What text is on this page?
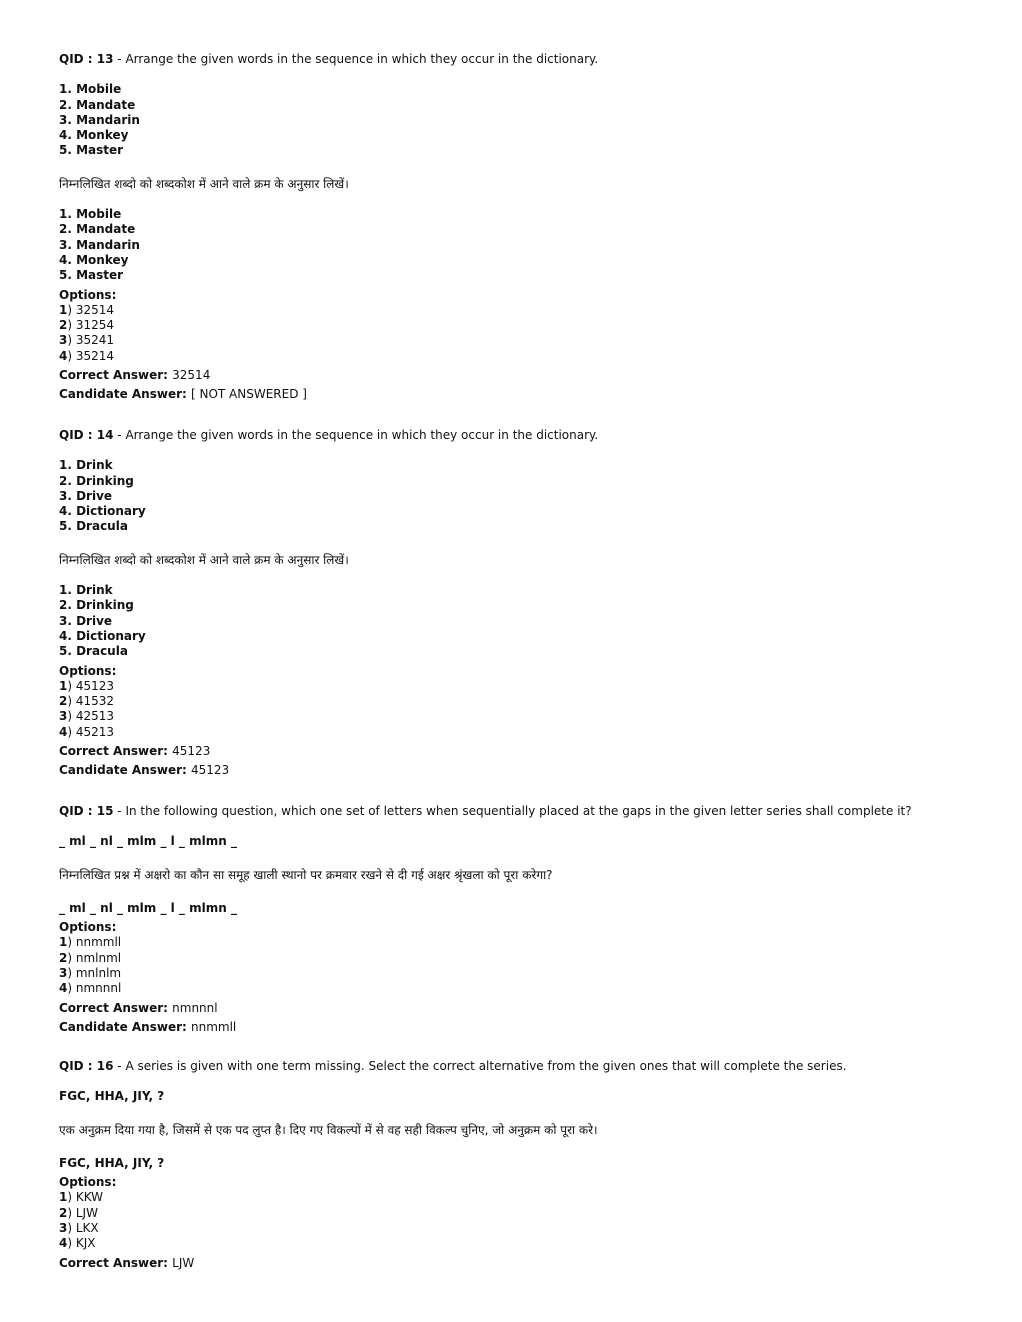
QID : 13 - Arrange the given words in the sequence in which they occur in the dictionary.
1. Mobile
2. Mandate
3. Mandarin
4. Monkey
5. Master
निम्नलिखित शब्दो को शब्दकोश में आने वाले क्रम के अनुसार लिखें।
1. Mobile
2. Mandate
3. Mandarin
4. Monkey
5. Master
Options:
1) 32514
2) 31254
3) 35241
4) 35214
Correct Answer: 32514
Candidate Answer: [ NOT ANSWERED ]
QID : 14 - Arrange the given words in the sequence in which they occur in the dictionary.
1. Drink
2. Drinking
3. Drive
4. Dictionary
5. Dracula
निम्नलिखित शब्दो को शब्दकोश में आने वाले क्रम के अनुसार लिखें।
1. Drink
2. Drinking
3. Drive
4. Dictionary
5. Dracula
Options:
1) 45123
2) 41532
3) 42513
4) 45213
Correct Answer: 45123
Candidate Answer: 45123
QID : 15 - In the following question, which one set of letters when sequentially placed at the gaps in the given letter series shall complete it?
_ ml _ nl _ mlm _ l _ mlmn _
निम्नलिखित प्रश्न में अक्षरो का कौन सा समूह खाली स्थानो पर क्रमवार रखने से दी गई अक्षर श्रृंखला को पूरा करेगा?
_ ml _ nl _ mlm _ l _ mlmn _
Options:
1) nnmmll
2) nmlnml
3) mnlnlm
4) nmnnnl
Correct Answer: nmnnnl
Candidate Answer: nnmmll
QID : 16 - A series is given with one term missing. Select the correct alternative from the given ones that will complete the series.
FGC, HHA, JIY, ?
एक अनुक्रम दिया गया है, जिसमें से एक पद लुप्त है। दिए गए विकल्पों में से वह सही विकल्प चुनिए, जो अनुक्रम को पूरा करे।
FGC, HHA, JIY, ?
Options:
1) KKW
2) LJW
3) LKX
4) KJX
Correct Answer: LJW
